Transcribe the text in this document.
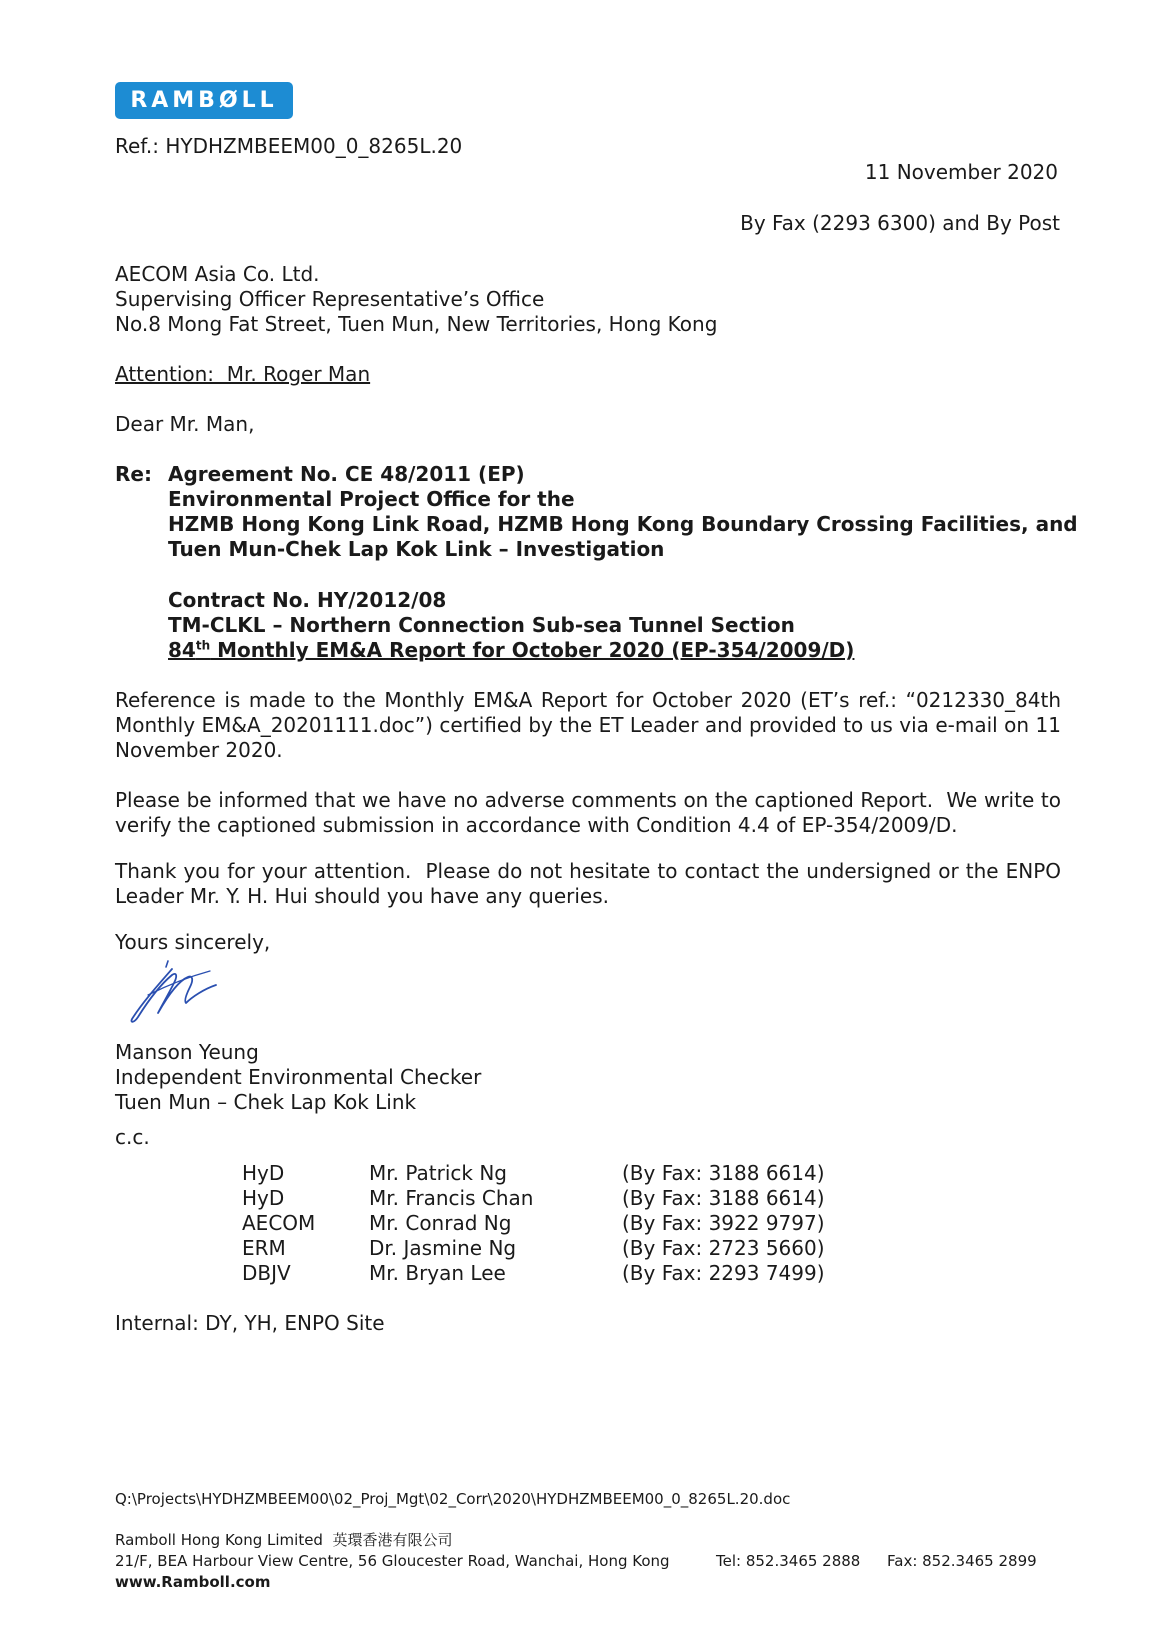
RAMBØLL
Ref.: HYDHZMBEEM00_0_8265L.20
11 November 2020
By Fax (2293 6300) and By Post
AECOM Asia Co. Ltd.
Supervising Officer Representative’s Office
No.8 Mong Fat Street, Tuen Mun, New Territories, Hong Kong
Attention:  Mr. Roger Man
Dear Mr. Man,
Re: Agreement No. CE 48/2011 (EP)
Environmental Project Office for the
HZMB Hong Kong Link Road, HZMB Hong Kong Boundary Crossing Facilities, and
Tuen Mun-Chek Lap Kok Link – Investigation
Contract No. HY/2012/08
TM-CLKL – Northern Connection Sub-sea Tunnel Section
84th Monthly EM&A Report for October 2020 (EP-354/2009/D)
Reference is made to the Monthly EM&A Report for October 2020 (ET’s ref.: “0212330_84th Monthly EM&A_20201111.doc”) certified by the ET Leader and provided to us via e-mail on 11 November 2020.
Please be informed that we have no adverse comments on the captioned Report.  We write to verify the captioned submission in accordance with Condition 4.4 of EP-354/2009/D.
Thank you for your attention.  Please do not hesitate to contact the undersigned or the ENPO Leader Mr. Y. H. Hui should you have any queries.
Yours sincerely,
Manson Yeung
Independent Environmental Checker
Tuen Mun – Chek Lap Kok Link
c.c.
HyD	Mr. Patrick Ng	(By Fax: 3188 6614)
HyD	Mr. Francis Chan	(By Fax: 3188 6614)
AECOM	Mr. Conrad Ng	(By Fax: 3922 9797)
ERM	Dr. Jasmine Ng	(By Fax: 2723 5660)
DBJV	Mr. Bryan Lee	(By Fax: 2293 7499)
Internal: DY, YH, ENPO Site
Q:\Projects\HYDHZMBEEM00\02_Proj_Mgt\02_Corr\2020\HYDHZMBEEM00_0_8265L.20.doc
Ramboll Hong Kong Limited  英環香港有限公司
21/F, BEA Harbour View Centre, 56 Gloucester Road, Wanchai, Hong Kong	Tel: 852.3465 2888 Fax: 852.3465 2899
www.Ramboll.com
